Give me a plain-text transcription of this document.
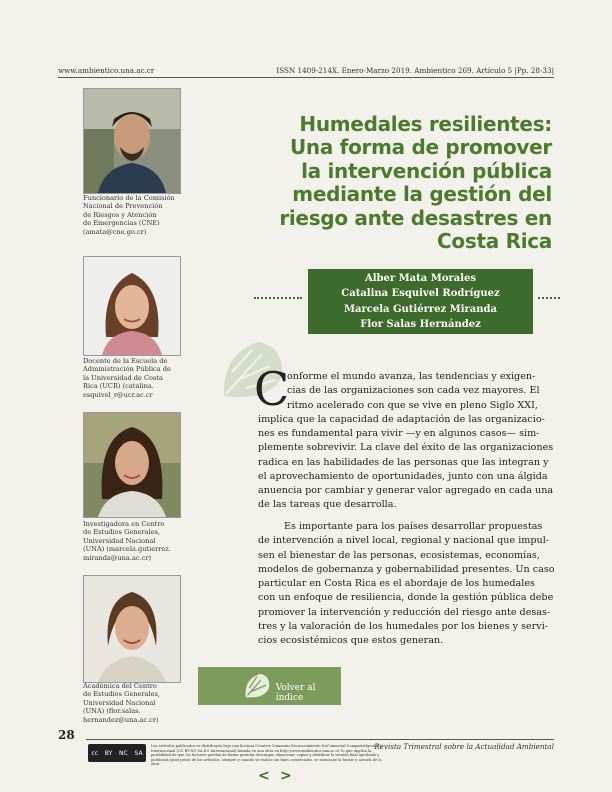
www.ambientico.una.ac.cr	ISSN 1409-214X. Enero-Marzo 2019. Ambientico 269. Artículo 5 |Pp. 28-33|
Funcionario de la Comisión
Nacional de Prevención
de Riesgos y Atención
de Emergencias (CNE)
(amata@cne.go.cr)
Docente de la Escuela de
Administración Pública de
la Universidad de Costa
Rica (UCR) (catalina.
esquivel_r@ucr.ac.cr
Investigadora en Centro
de Estudios Generales,
Universidad Nacional
(UNA) (marcela.gutierrez.
miranda@una.ac.cr)
Académica del Centro
de Estudios Generales,
Universidad Nacional
(UNA) (flor.salas.
hernandez@una.ac.cr)
Humedales resilientes:
Una forma de promover
la intervención pública
mediante la gestión del
riesgo ante desastres en
Costa Rica
Alber Mata Morales
Catalina Esquivel Rodríguez
Marcela Gutiérrez Miranda
Flor Salas Hernández
C
onforme el mundo avanza, las tendencias y exigen-
cias de las organizaciones son cada vez mayores. El
ritmo acelerado con que se vive en pleno Siglo XXI,
implica que la capacidad de adaptación de las organizacio-
nes es fundamental para vivir —y en algunos casos— sim-
plemente sobrevivir. La clave del éxito de las organizaciones
radica en las habilidades de las personas que las integran y
el aprovechamiento de oportunidades, junto con una álgida
anuencia por cambiar y generar valor agregado en cada una
de las tareas que desarrolla.
Es importante para los países desarrollar propuestas
de intervención a nivel local, regional y nacional que impul-
sen el bienestar de las personas, ecosistemas, economías,
modelos de gobernanza y gobernabilidad presentes. Un caso
particular en Costa Rica es el abordaje de los humedales
con un enfoque de resiliencia, donde la gestión pública debe
promover la intervención y reducción del riesgo ante desas-
tres y la valoración de los humedales por los bienes y servi-
cios ecosistémicos que estos generan.
Volver al índice
28
cc BY NC SA
Los artículos publicados se distribuyen bajo una licencia Creative Commons Reconocimiento-NoComercial-CompartirIgual 4.0 Internacional (CC BY-NC-SA 4.0 Internacional) basada en una obra en http://www.ambientico.una.ac.cr, lo que implica la posibilidad de que los lectores puedan de forma gratuita descargar, almacenar, copiar y distribuir la versión final aprobada y publicada (post print) de los artículos, siempre y cuando se realice sin fines comerciales, se mencione la fuente y autoría de la obra.
Revista Trimestral sobre la Actualidad Ambiental
< >
